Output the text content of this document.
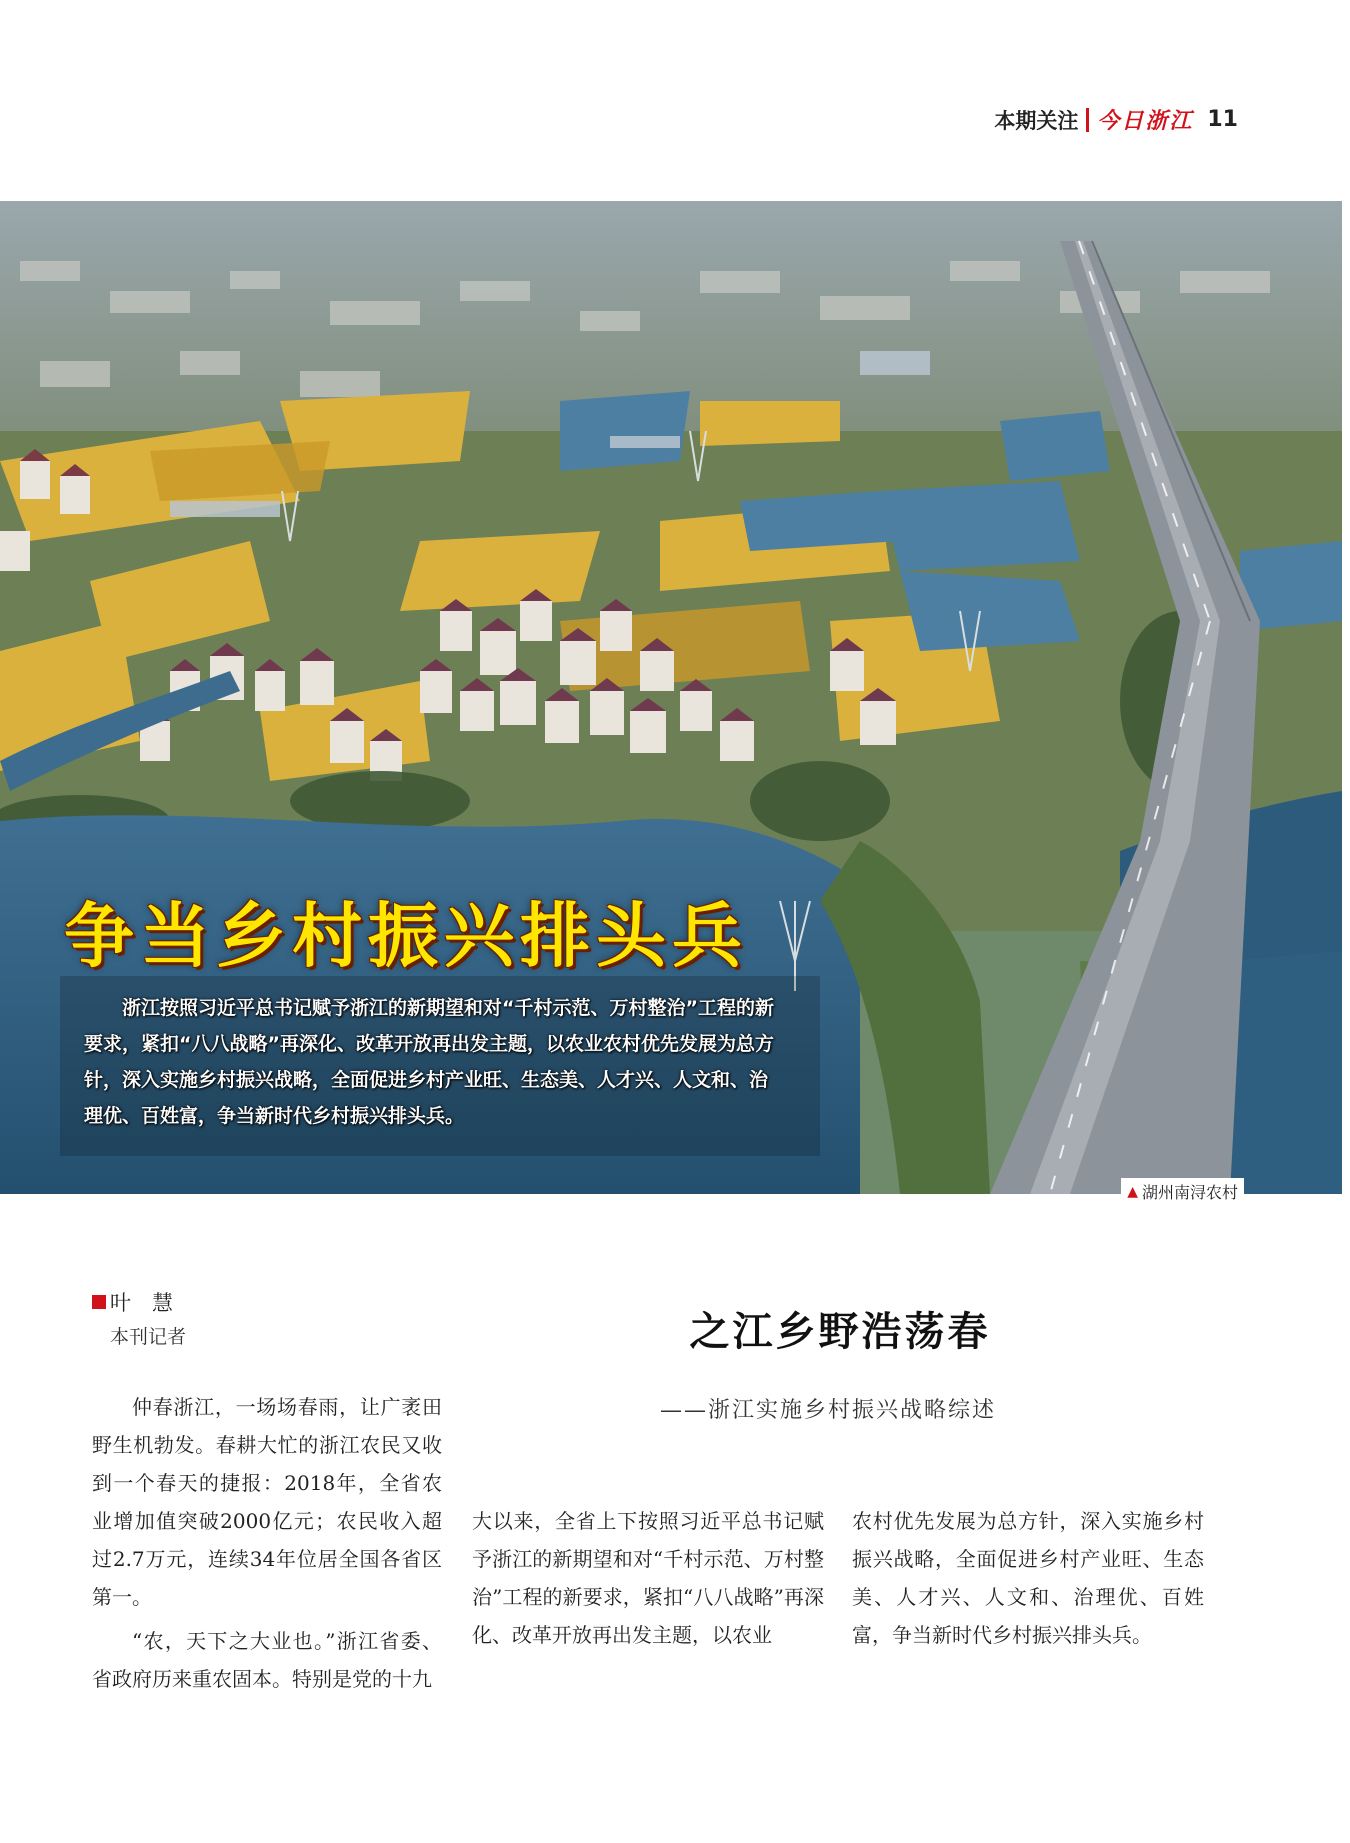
本期关注 今日浙江 11
争当乡村振兴排头兵
浙江按照习近平总书记赋予浙江的新期望和对“千村示范、万村整治”工程的新要求，紧扣“八八战略”再深化、改革开放再出发主题，以农业农村优先发展为总方针，深入实施乡村振兴战略，全面促进乡村产业旺、生态美、人才兴、人文和、治理优、百姓富，争当新时代乡村振兴排头兵。
▲ 湖州南浔农村
叶　慧
本刊记者	之江乡野浩荡春
——浙江实施乡村振兴战略综述

仲春浙江，一场场春雨，让广袤田野生机勃发。春耕大忙的浙江农民又收到一个春天的捷报：2018年，全省农业增加值突破2000亿元；农民收入超过2.7万元，连续34年位居全国各省区第一。

“农，天下之大业也。”浙江省委、省政府历来重农固本。特别是党的十九

大以来，全省上下按照习近平总书记赋予浙江的新期望和对“千村示范、万村整治”工程的新要求，紧扣“八八战略”再深化、改革开放再出发主题，以农业

农村优先发展为总方针，深入实施乡村振兴战略，全面促进乡村产业旺、生态美、人才兴、人文和、治理优、百姓富，争当新时代乡村振兴排头兵。
